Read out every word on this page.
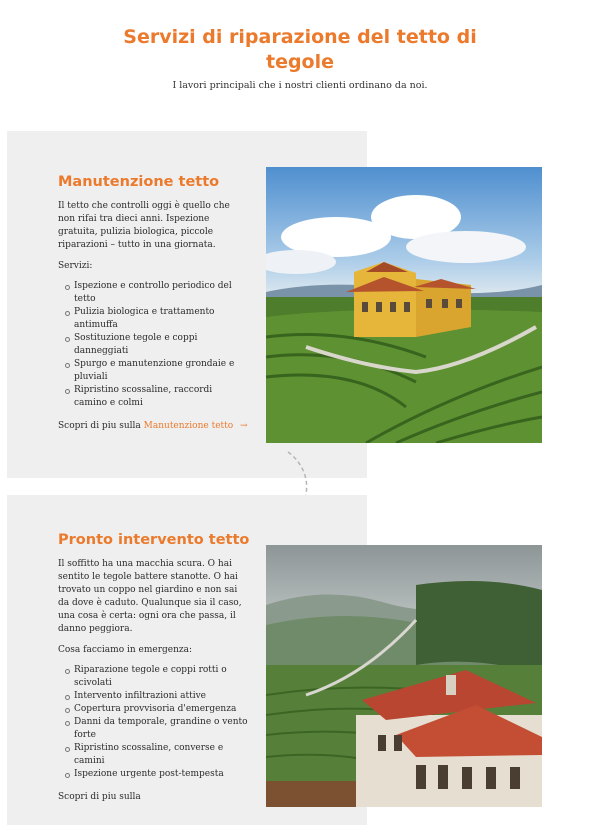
Servizi di riparazione del tetto di
tegole

I lavori principali che i nostri clienti ordinano da noi.

Manutenzione tetto

Il tetto che controlli oggi è quello che non rifai tra dieci anni. Ispezione gratuita, pulizia biologica, piccole riparazioni – tutto in una giornata.

Servizi:

Ispezione e controllo periodico del tetto
Pulizia biologica e trattamento antimuffa
Sostituzione tegole e coppi danneggiati
Spurgo e manutenzione grondaie e pluviali
Ripristino scossaline, raccordi camino e colmi

Scopri di piu sulla Manutenzione tetto →

Pronto intervento tetto

Il soffitto ha una macchia scura. O hai sentito le tegole battere stanotte. O hai trovato un coppo nel giardino e non sai da dove è caduto. Qualunque sia il caso, una cosa è certa: ogni ora che passa, il danno peggiora.

Cosa facciamo in emergenza:

Riparazione tegole e coppi rotti o scivolati
Intervento infiltrazioni attive
Copertura provvisoria d'emergenza
Danni da temporale, grandine o vento forte
Ripristino scossaline, converse e camini
Ispezione urgente post-tempesta

Scopri di piu sulla
